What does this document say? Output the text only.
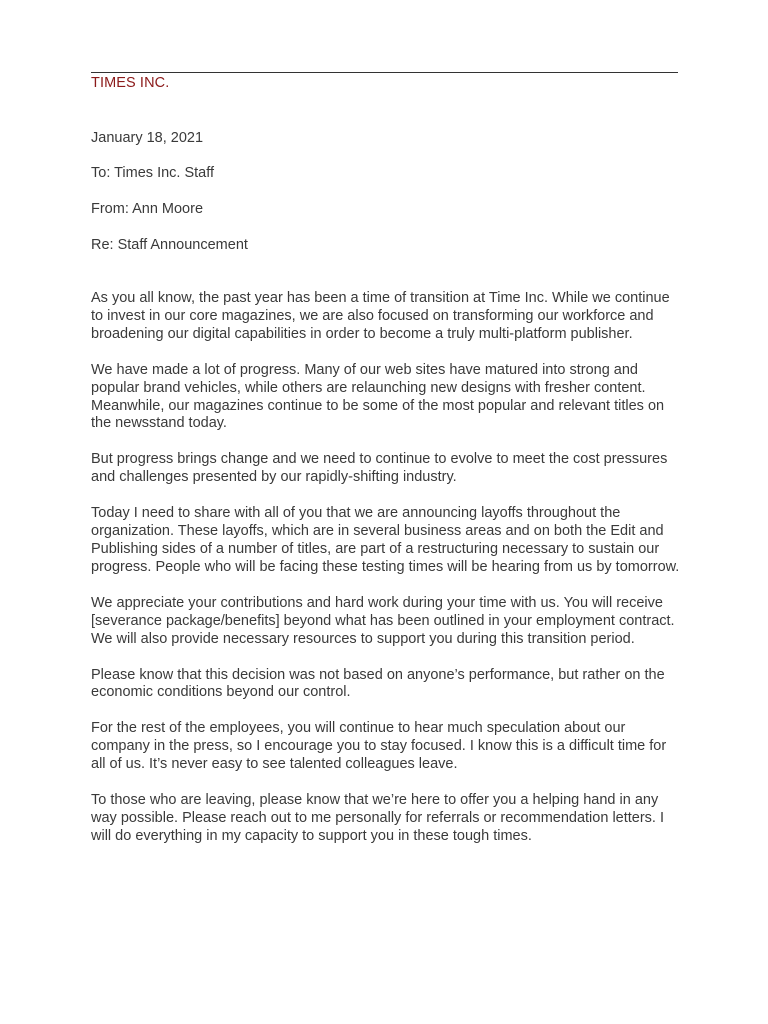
TIMES INC.
January 18, 2021
To: Times Inc. Staff
From: Ann Moore
Re: Staff Announcement

As you all know, the past year has been a time of transition at Time Inc. While we continue to invest in our core magazines, we are also focused on transforming our workforce and broadening our digital capabilities in order to become a truly multi-platform publisher.

We have made a lot of progress. Many of our web sites have matured into strong and popular brand vehicles, while others are relaunching new designs with fresher content. Meanwhile, our magazines continue to be some of the most popular and relevant titles on the newsstand today.

But progress brings change and we need to continue to evolve to meet the cost pressures and challenges presented by our rapidly-shifting industry.

Today I need to share with all of you that we are announcing layoffs throughout the organization. These layoffs, which are in several business areas and on both the Edit and Publishing sides of a number of titles, are part of a restructuring necessary to sustain our progress. People who will be facing these testing times will be hearing from us by tomorrow.

We appreciate your contributions and hard work during your time with us. You will receive [severance package/benefits] beyond what has been outlined in your employment contract. We will also provide necessary resources to support you during this transition period.

Please know that this decision was not based on anyone’s performance, but rather on the economic conditions beyond our control.

For the rest of the employees, you will continue to hear much speculation about our company in the press, so I encourage you to stay focused. I know this is a difficult time for all of us. It’s never easy to see talented colleagues leave.

To those who are leaving, please know that we’re here to offer you a helping hand in any way possible. Please reach out to me personally for referrals or recommendation letters. I will do everything in my capacity to support you in these tough times.
